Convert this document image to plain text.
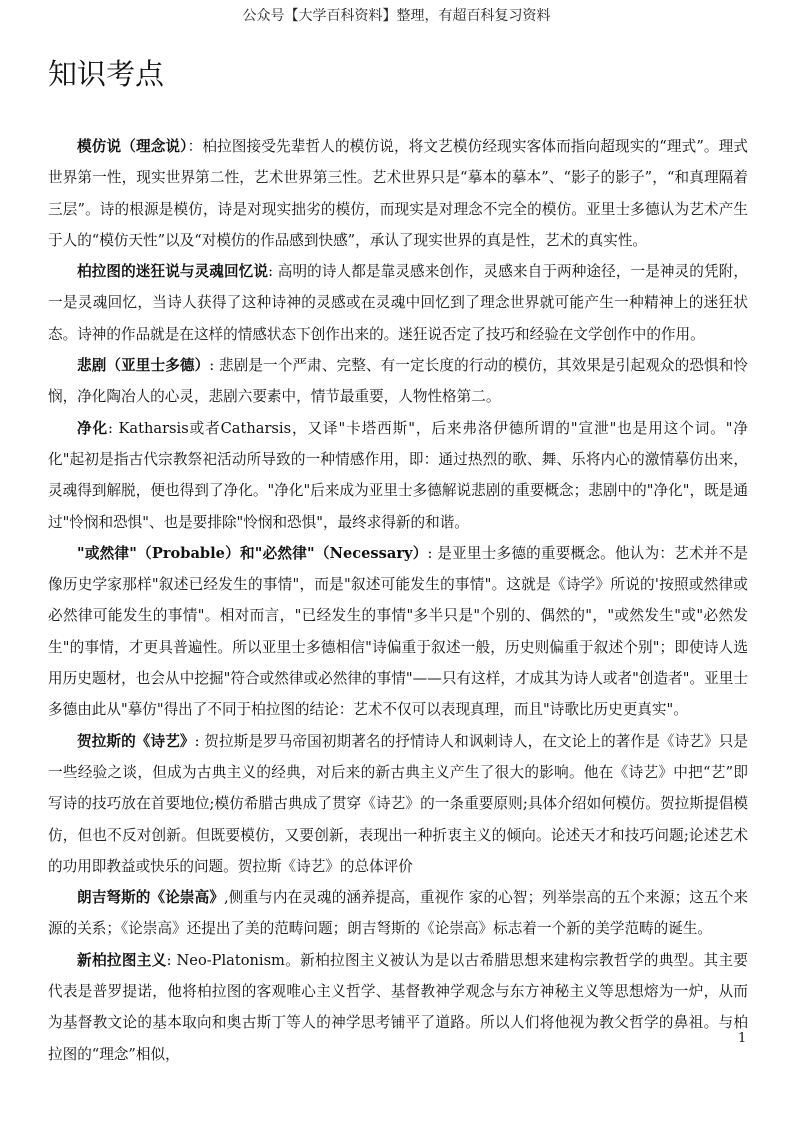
公众号【大学百科资料】整理，有超百科复习资料
知识考点

模仿说（理念说）：柏拉图接受先辈哲人的模仿说，将文艺模仿经现实客体而指向超现实的“理式”。理式世界第一性，现实世界第二性，艺术世界第三性。艺术世界只是“摹本的摹本”、“影子的影子”，“和真理隔着三层”。诗的根源是模仿，诗是对现实拙劣的模仿，而现实是对理念不完全的模仿。亚里士多德认为艺术产生于人的“模仿天性”以及“对模仿的作品感到快感”，承认了现实世界的真是性，艺术的真实性。

柏拉图的迷狂说与灵魂回忆说: 高明的诗人都是靠灵感来创作，灵感来自于两种途径，一是神灵的凭附，一是灵魂回忆，当诗人获得了这种诗神的灵感或在灵魂中回忆到了理念世界就可能产生一种精神上的迷狂状态。诗神的作品就是在这样的情感状态下创作出来的。迷狂说否定了技巧和经验在文学创作中的作用。

悲剧（亚里士多德）: 悲剧是一个严肃、完整、有一定长度的行动的模仿，其效果是引起观众的恐惧和怜悯，净化陶冶人的心灵，悲剧六要素中，情节最重要，人物性格第二。

净化: Katharsis或者Catharsis，又译"卡塔西斯"，后来弗洛伊德所谓的"宣泄"也是用这个词。"净化"起初是指古代宗教祭祀活动所导致的一种情感作用，即：通过热烈的歌、舞、乐将内心的激情摹仿出来，灵魂得到解脱，便也得到了净化。"净化"后来成为亚里士多德解说悲剧的重要概念；悲剧中的"净化"，既是通过"怜悯和恐惧"、也是要排除"怜悯和恐惧"，最终求得新的和谐。

"或然律"（Probable）和"必然律"（Necessary）: 是亚里士多德的重要概念。他认为：艺术并不是像历史学家那样"叙述已经发生的事情"，而是"叙述可能发生的事情"。这就是《诗学》所说的'按照或然律或必然律可能发生的事情"。相对而言，"已经发生的事情"多半只是"个别的、偶然的"，"或然发生"或"必然发生"的事情，才更具普遍性。所以亚里士多德相信"诗偏重于叙述一般，历史则偏重于叙述个别"；即使诗人选用历史题材，也会从中挖掘"符合或然律或必然律的事情"——只有这样，才成其为诗人或者"创造者"。亚里士多德由此从"摹仿"得出了不同于柏拉图的结论：艺术不仅可以表现真理，而且"诗歌比历史更真实"。

贺拉斯的《诗艺》: 贺拉斯是罗马帝国初期著名的抒情诗人和讽刺诗人，在文论上的著作是《诗艺》只是一些经验之谈，但成为古典主义的经典，对后来的新古典主义产生了很大的影响。他在《诗艺》中把“艺”即写诗的技巧放在首要地位;模仿希腊古典成了贯穿《诗艺》的一条重要原则;具体介绍如何模仿。贺拉斯提倡模仿，但也不反对创新。但既要模仿，又要创新，表现出一种折衷主义的倾向。论述天才和技巧问题;论述艺术的功用即教益或快乐的问题。贺拉斯《诗艺》的总体评价

朗吉弩斯的《论崇高》,侧重与内在灵魂的涵养提高，重视作 家的心智；列举崇高的五个来源；这五个来源的关系；《论崇高》还提出了美的范畴问题；朗吉弩斯的《论崇高》标志着一个新的美学范畴的诞生。

新柏拉图主义: Neo-Platonism。新柏拉图主义被认为是以古希腊思想来建构宗教哲学的典型。其主要代表是普罗提诺，他将柏拉图的客观唯心主义哲学、基督教神学观念与东方神秘主义等思想熔为一炉，从而为基督教文论的基本取向和奥古斯丁等人的神学思考铺平了道路。所以人们将他视为教父哲学的鼻祖。与柏拉图的“理念”相似，

1
